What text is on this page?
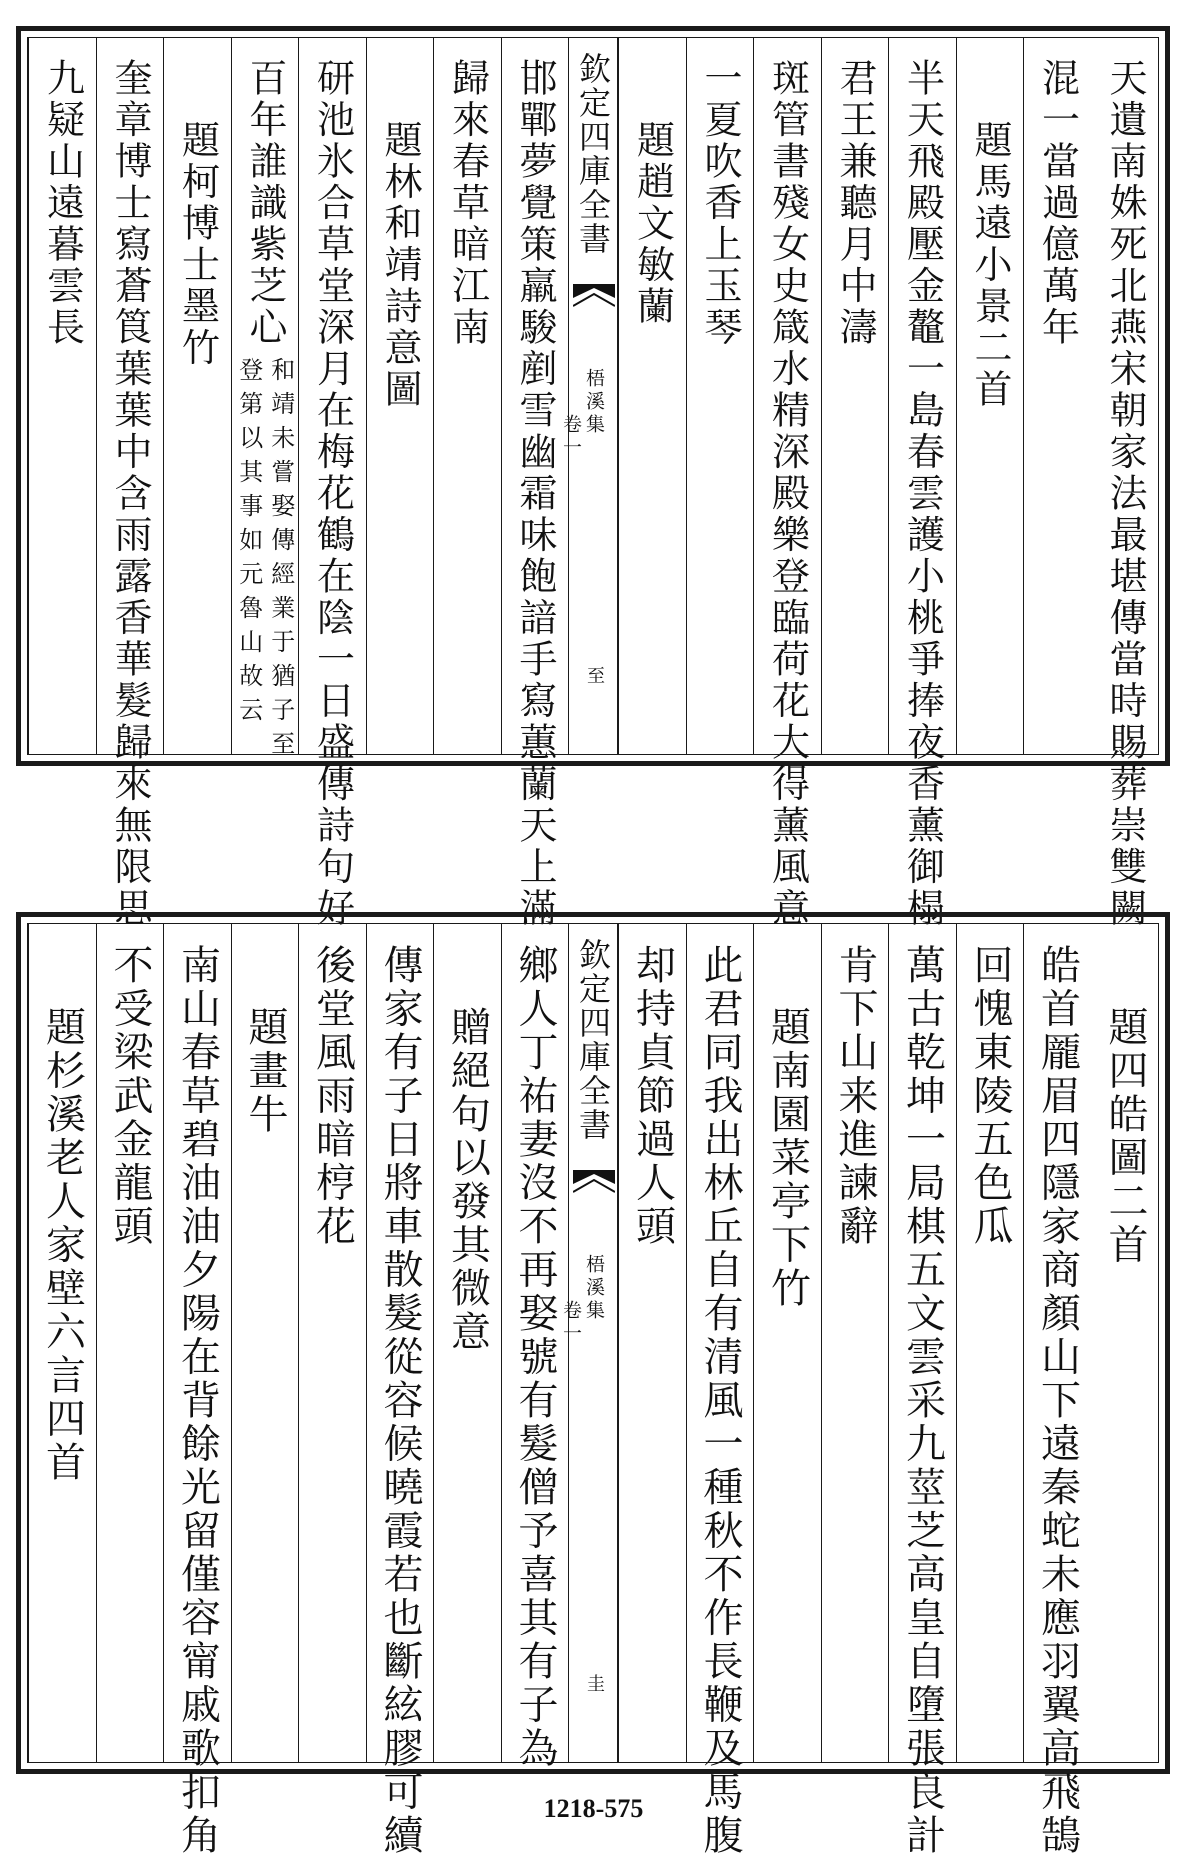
天遺南姝死北燕宋朝家法最堪傳當時賜葬崇雙闕
混一當過億萬年
題馬遠小景二首
半天飛殿壓金鼇一島春雲護小桃爭捧夜香薰御榻
君王兼聽月中濤
斑管書殘女史箴水精深殿樂登臨荷花大得薰風意
一夏吹香上玉琴
題趙文敏蘭
欽定四庫全書
梧溪集
卷一
至
邯鄲夢覺策羸駿剷雪幽霜味飽諳手寫蕙蘭天上滿
歸來春草暗江南
題林和靖詩意圖
研池氷合草堂深月在梅花鶴在陰一日盛傳詩句好
百年誰識紫芝心
和靖未嘗娶傳經業于猶子至
登第以其事如元魯山故云
題柯博士墨竹
奎章博士寫蒼筤葉葉中含雨露香華髮歸來無限思
九疑山遠暮雲長
題四皓圖二首
皓首龎眉四隱家商顏山下遠秦蛇未應羽翼高飛鵠
回愧東陵五色瓜
萬古乾坤一局棋五文雲采九莖芝高皇自墮張良計
肯下山来進諫辭
題南園菜亭下竹
此君同我出林丘自有清風一種秋不作長鞭及馬腹
却持貞節過人頭
欽定四庫全書
梧溪集
卷一
圭
鄉人丁祐妻沒不再娶號有髮僧予喜其有子為
贈絕句以發其微意
傳家有子日將車散髮從容候曉霞若也斷絃膠可續
後堂風雨暗梈花
題畫牛
南山春草碧油油夕陽在背餘光留僅容甯戚歌扣角
不受梁武金龍頭
題杉溪老人家壁六言四首
1218-575
